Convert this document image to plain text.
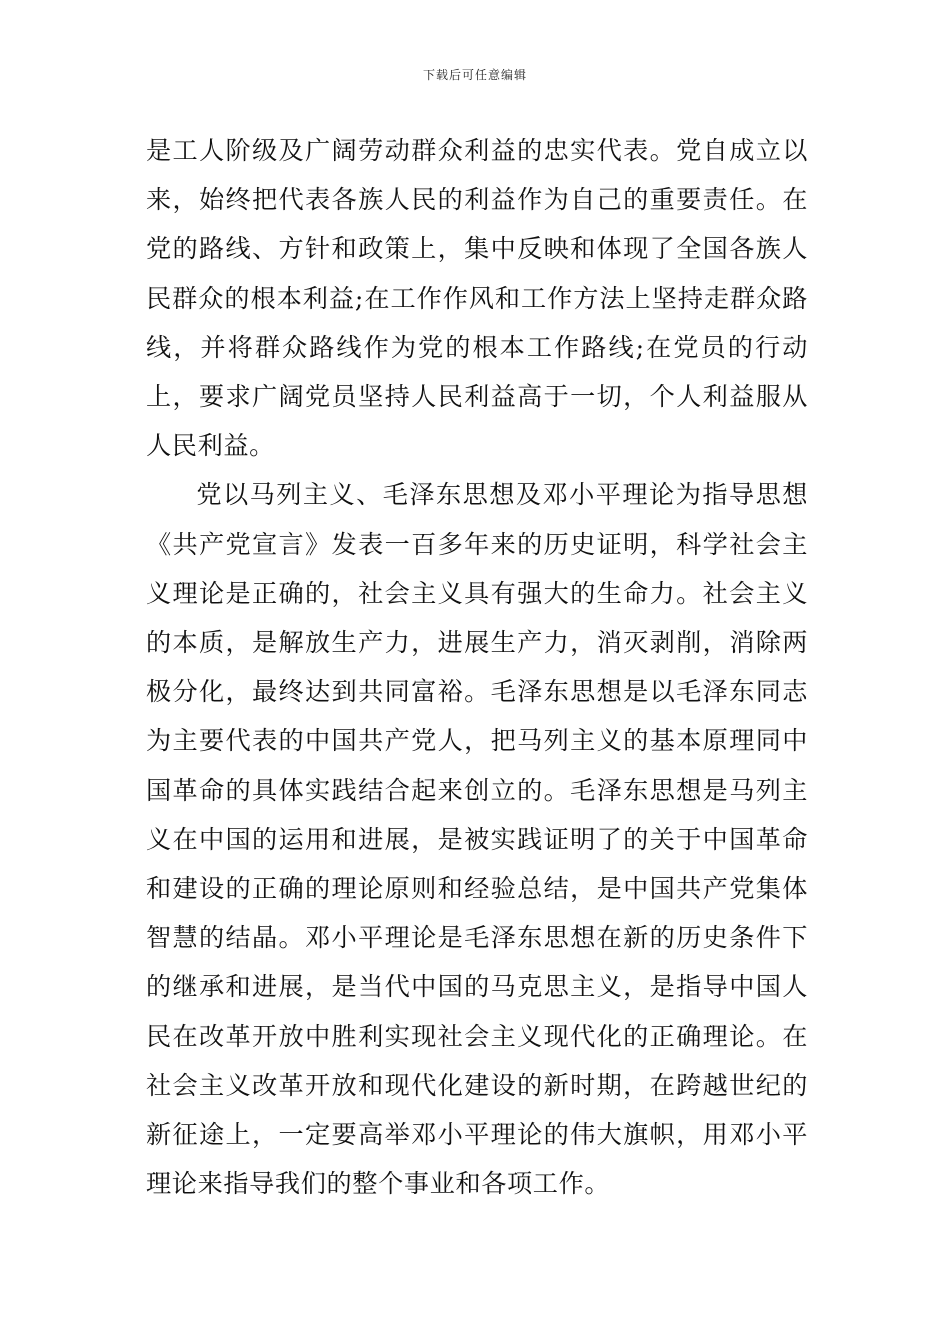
下载后可任意编辑

是工人阶级及广阔劳动群众利益的忠实代表。党自成立以来，始终把代表各族人民的利益作为自己的重要责任。在党的路线、方针和政策上，集中反映和体现了全国各族人民群众的根本利益;在工作作风和工作方法上坚持走群众路线，并将群众路线作为党的根本工作路线;在党员的行动上，要求广阔党员坚持人民利益高于一切，个人利益服从人民利益。

党以马列主义、毛泽东思想及邓小平理论为指导思想《共产党宣言》发表一百多年来的历史证明，科学社会主义理论是正确的，社会主义具有强大的生命力。社会主义的本质，是解放生产力，进展生产力，消灭剥削，消除两极分化，最终达到共同富裕。毛泽东思想是以毛泽东同志为主要代表的中国共产党人，把马列主义的基本原理同中国革命的具体实践结合起来创立的。毛泽东思想是马列主义在中国的运用和进展，是被实践证明了的关于中国革命和建设的正确的理论原则和经验总结，是中国共产党集体智慧的结晶。邓小平理论是毛泽东思想在新的历史条件下的继承和进展，是当代中国的马克思主义，是指导中国人民在改革开放中胜利实现社会主义现代化的正确理论。在社会主义改革开放和现代化建设的新时期，在跨越世纪的新征途上，一定要高举邓小平理论的伟大旗帜，用邓小平理论来指导我们的整个事业和各项工作。
